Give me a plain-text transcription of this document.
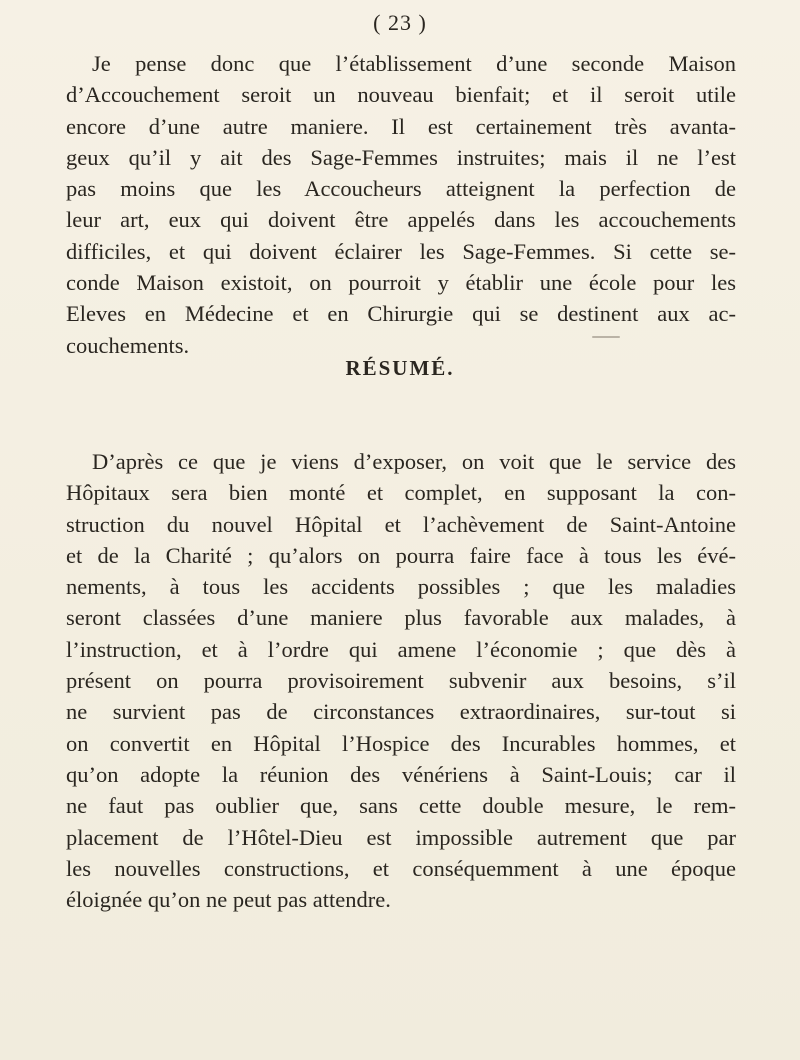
( 23 )

Je pense donc que l’établissement d’une seconde Maison
d’Accouchement seroit un nouveau bienfait; et il seroit utile
encore d’une autre maniere. Il est certainement très avanta-
geux qu’il y ait des Sage-Femmes instruites; mais il ne l’est
pas moins que les Accoucheurs atteignent la perfection de
leur art, eux qui doivent être appelés dans les accouchements
difficiles, et qui doivent éclairer les Sage-Femmes. Si cette se-
conde Maison existoit, on pourroit y établir une école pour les
Eleves en Médecine et en Chirurgie qui se destinent aux ac-
couchements.

RÉSUMÉ.

D’après ce que je viens d’exposer, on voit que le service des
Hôpitaux sera bien monté et complet, en supposant la con-
struction du nouvel Hôpital et l’achèvement de Saint-Antoine
et de la Charité ; qu’alors on pourra faire face à tous les évé-
nements, à tous les accidents possibles ; que les maladies
seront classées d’une maniere plus favorable aux malades, à
l’instruction, et à l’ordre qui amene l’économie ; que dès à
présent on pourra provisoirement subvenir aux besoins, s’il
ne survient pas de circonstances extraordinaires, sur-tout si
on convertit en Hôpital l’Hospice des Incurables hommes, et
qu’on adopte la réunion des vénériens à Saint-Louis; car il
ne faut pas oublier que, sans cette double mesure, le rem-
placement de l’Hôtel-Dieu est impossible autrement que par
les nouvelles constructions, et conséquemment à une époque
éloignée qu’on ne peut pas attendre.
